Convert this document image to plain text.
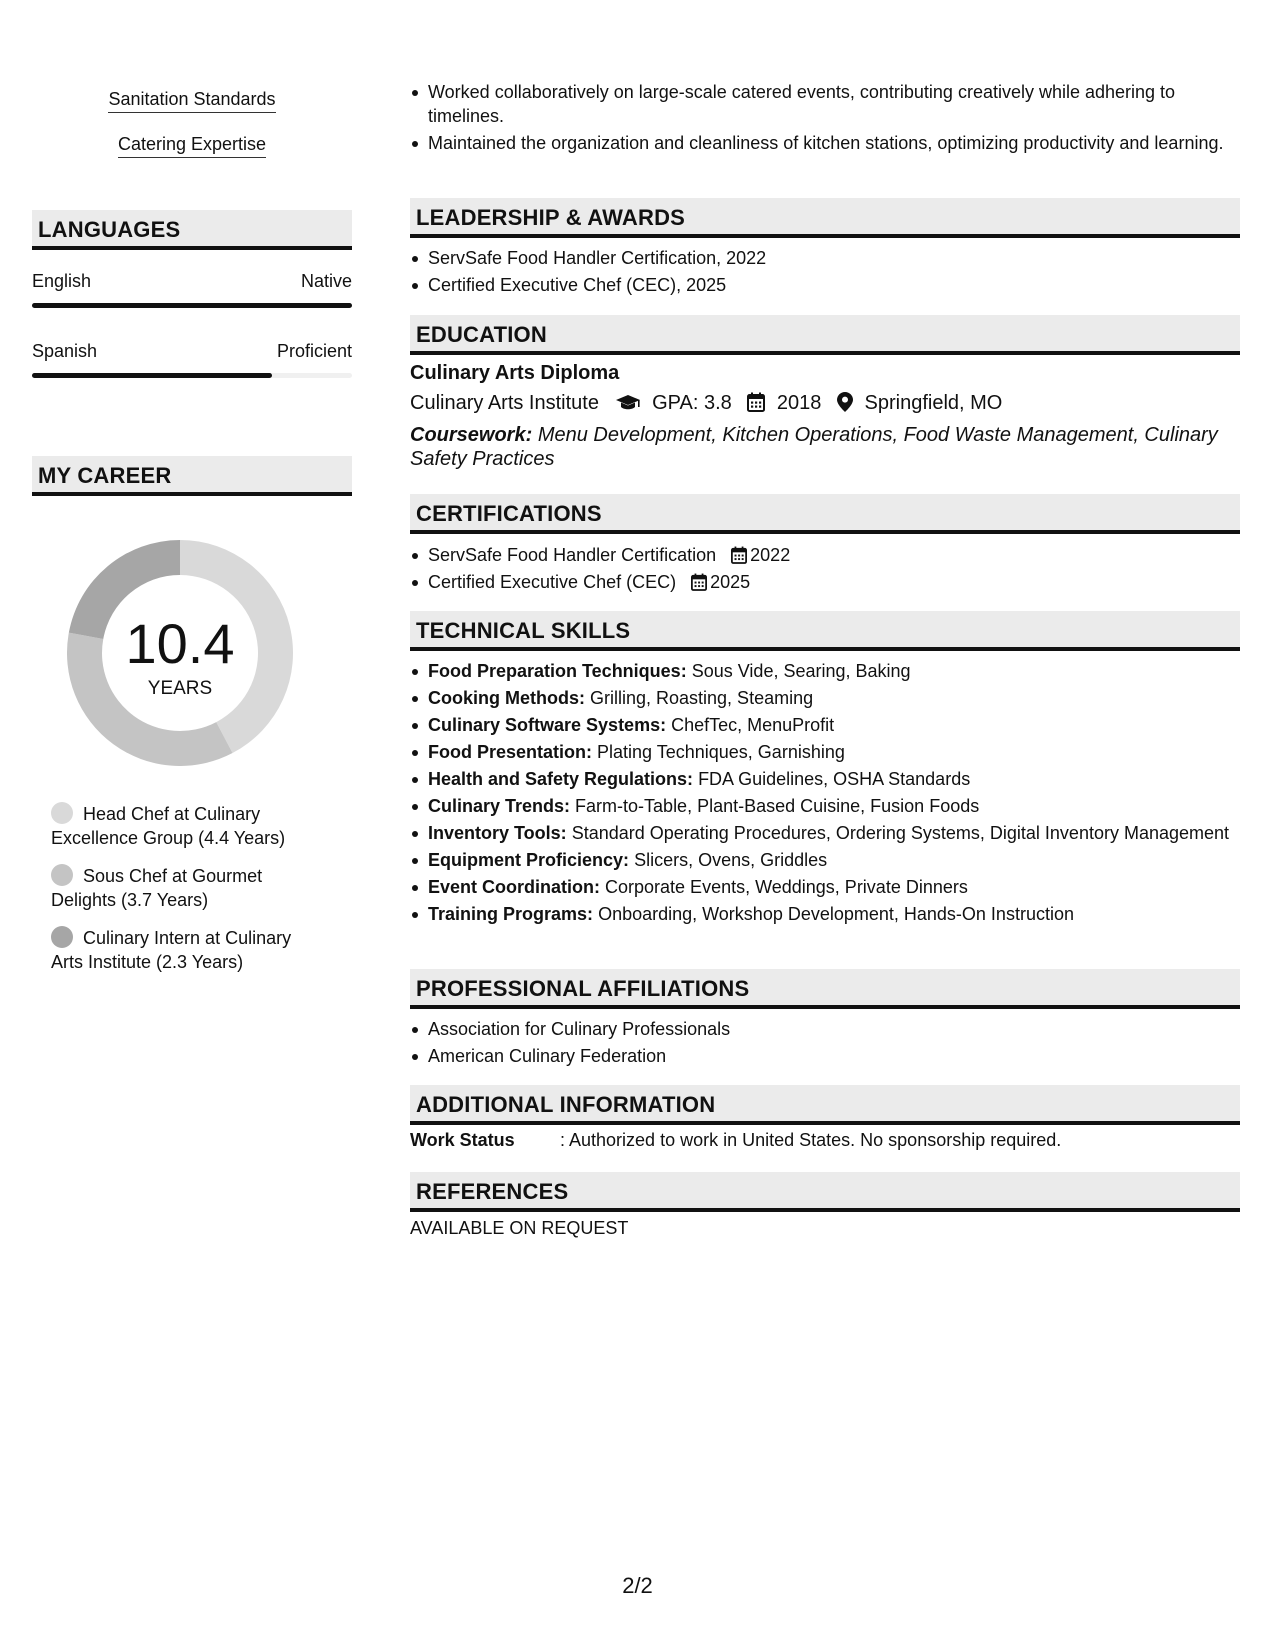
Sanitation Standards
Catering Expertise
LANGUAGES
English	Native
Spanish	Proficient
MY CAREER
10.4
YEARS
Head Chef at Culinary Excellence Group (4.4 Years)
Sous Chef at Gourmet Delights (3.7 Years)
Culinary Intern at Culinary Arts Institute (2.3 Years)
Worked collaboratively on large-scale catered events, contributing creatively while adhering to timelines.
Maintained the organization and cleanliness of kitchen stations, optimizing productivity and learning.
LEADERSHIP & AWARDS
ServSafe Food Handler Certification, 2022
Certified Executive Chef (CEC), 2025
EDUCATION
Culinary Arts Diploma
Culinary Arts Institute	GPA: 3.8 2018 Springfield, MO
Coursework: Menu Development, Kitchen Operations, Food Waste Management, Culinary Safety Practices
CERTIFICATIONS
ServSafe Food Handler Certification 2022
Certified Executive Chef (CEC) 2025
TECHNICAL SKILLS
Food Preparation Techniques: Sous Vide, Searing, Baking
Cooking Methods: Grilling, Roasting, Steaming
Culinary Software Systems: ChefTec, MenuProfit
Food Presentation: Plating Techniques, Garnishing
Health and Safety Regulations: FDA Guidelines, OSHA Standards
Culinary Trends: Farm-to-Table, Plant-Based Cuisine, Fusion Foods
Inventory Tools: Standard Operating Procedures, Ordering Systems, Digital Inventory Management
Equipment Proficiency: Slicers, Ovens, Griddles
Event Coordination: Corporate Events, Weddings, Private Dinners
Training Programs: Onboarding, Workshop Development, Hands-On Instruction
PROFESSIONAL AFFILIATIONS
Association for Culinary Professionals
American Culinary Federation
ADDITIONAL INFORMATION
Work Status	: Authorized to work in United States. No sponsorship required.
REFERENCES
AVAILABLE ON REQUEST
2/2
